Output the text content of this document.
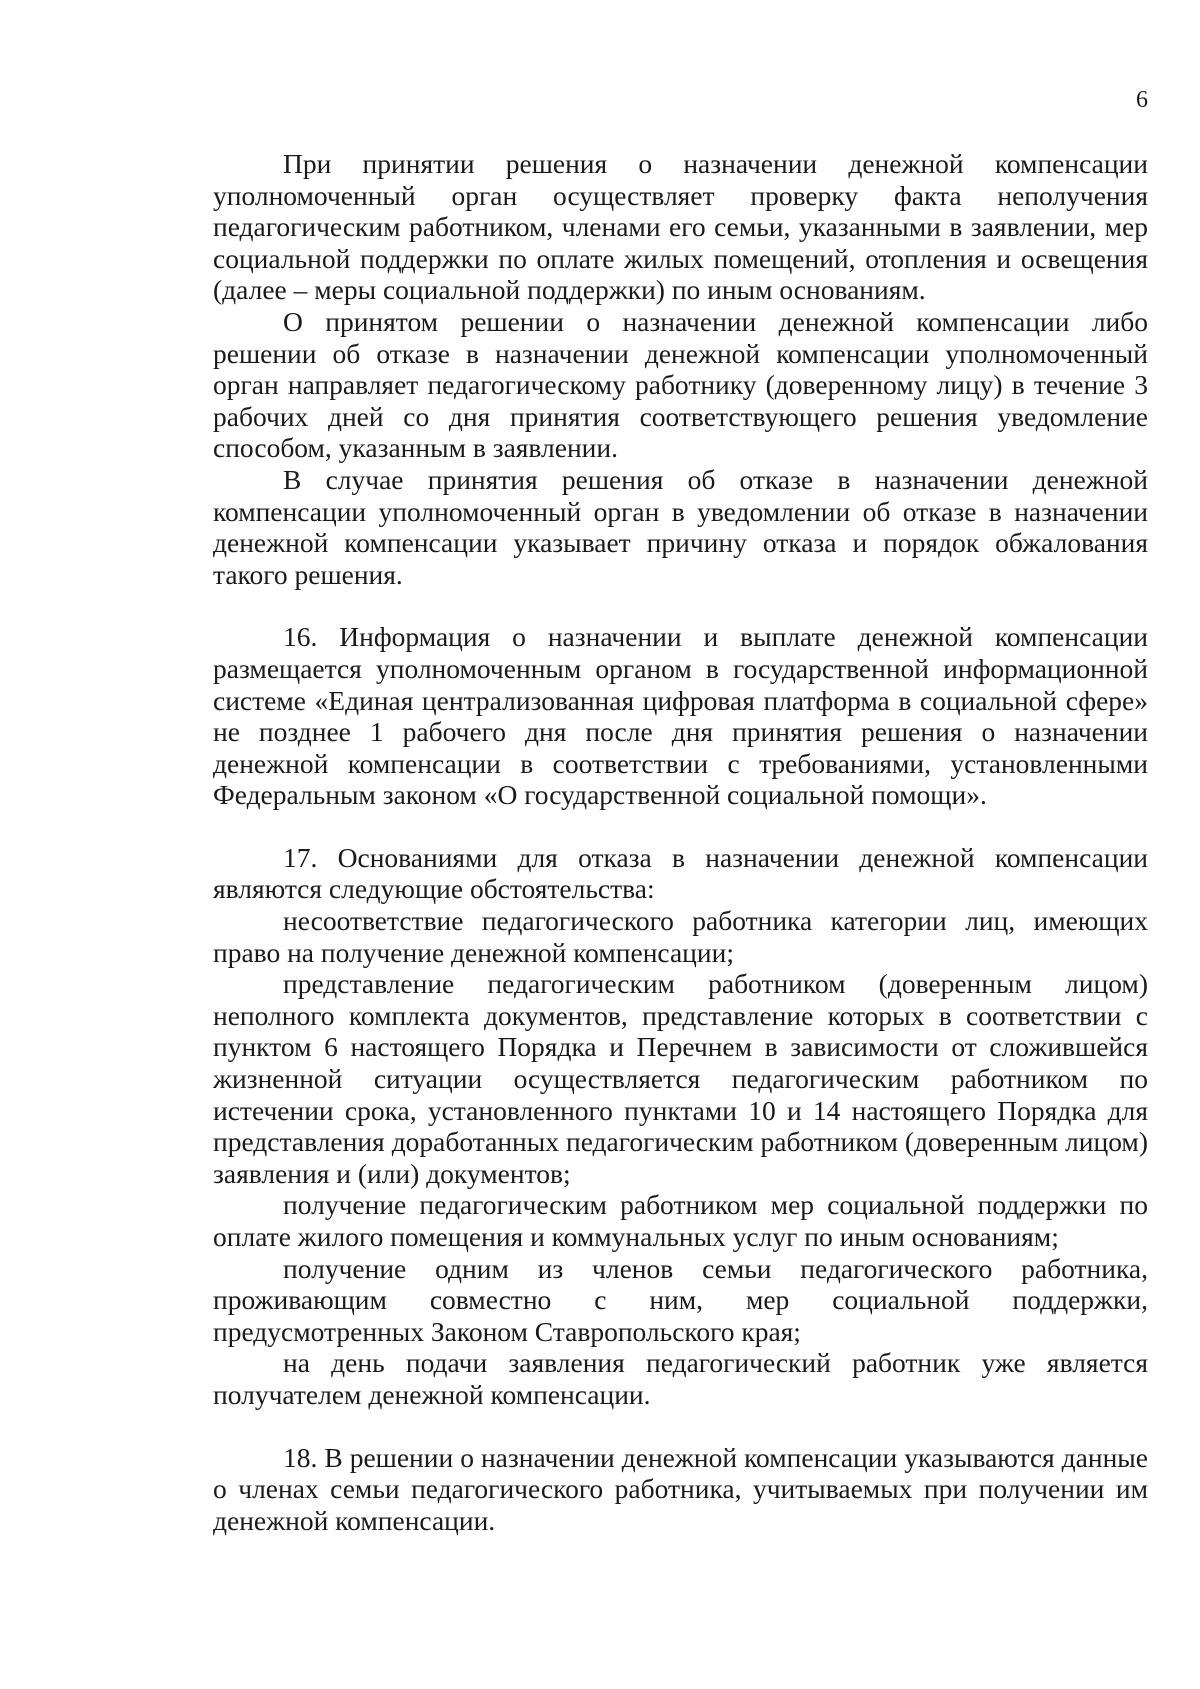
6

При принятии решения о назначении денежной компенсации уполномоченный орган осуществляет проверку факта неполучения педагогическим работником, членами его семьи, указанными в заявлении, мер социальной поддержки по оплате жилых помещений, отопления и освещения (далее – меры социальной поддержки) по иным основаниям.

О принятом решении о назначении денежной компенсации либо решении об отказе в назначении денежной компенсации уполномоченный орган направляет педагогическому работнику (доверенному лицу) в течение 3 рабочих дней со дня принятия соответствующего решения уведомление способом, указанным в заявлении.

В случае принятия решения об отказе в назначении денежной компенсации уполномоченный орган в уведомлении об отказе в назначении денежной компенсации указывает причину отказа и порядок обжалования такого решения.

16. Информация о назначении и выплате денежной компенсации размещается уполномоченным органом в государственной информационной системе «Единая централизованная цифровая платформа в социальной сфере» не позднее 1 рабочего дня после дня принятия решения о назначении денежной компенсации в соответствии с требованиями, установленными Федеральным законом «О государственной социальной помощи».

17. Основаниями для отказа в назначении денежной компенсации являются следующие обстоятельства:

несоответствие педагогического работника категории лиц, имеющих право на получение денежной компенсации;

представление педагогическим работником (доверенным лицом) неполного комплекта документов, представление которых в соответствии с пунктом 6 настоящего Порядка и Перечнем в зависимости от сложившейся жизненной ситуации осуществляется педагогическим работником по истечении срока, установленного пунктами 10 и 14 настоящего Порядка для представления доработанных педагогическим работником (доверенным лицом) заявления и (или) документов;

получение педагогическим работником мер социальной поддержки по оплате жилого помещения и коммунальных услуг по иным основаниям;

получение одним из членов семьи педагогического работника, проживающим совместно с ним, мер социальной поддержки, предусмотренных Законом Ставропольского края;

на день подачи заявления педагогический работник уже является получателем денежной компенсации.

18. В решении о назначении денежной компенсации указываются данные о членах семьи педагогического работника, учитываемых при получении им денежной компенсации.
